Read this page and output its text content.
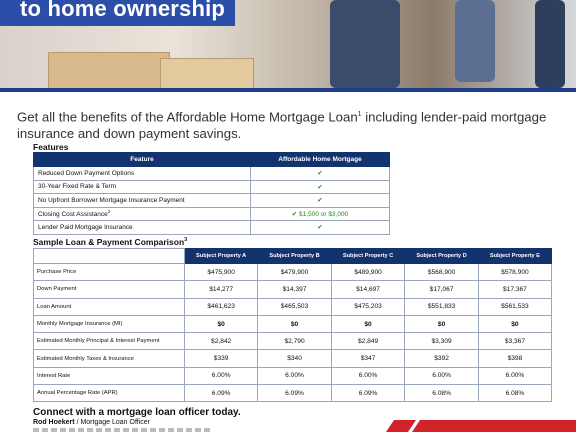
to home ownership
Get all the benefits of the Affordable Home Mortgage Loan$^1$ including lender-paid mortgage insurance and down payment savings.
Features
Feature	Affordable Home Mortgage
Reduced Down Payment Options	✔
30-Year Fixed Rate & Term	✔
No Upfront Borrower Mortgage Insurance Payment	✔
Closing Cost Assistance$^2$	✔ $1,500 or $3,000
Lender Paid Mortgage Insurance	✔
Sample Loan & Payment Comparison$^3$
	Subject Property A	Subject Property B	Subject Property C	Subject Property D	Subject Property E
Purchase Price	$475,900	$479,900	$489,900	$568,900	$578,900
Down Payment	$14,277	$14,397	$14,697	$17,067	$17,367
Loan Amount	$461,623	$465,503	$475,203	$551,833	$561,533
Monthly Mortgage Insurance (MI)	$0	$0	$0	$0	$0
Estimated Monthly Principal & Interest Payment	$2,842	$2,790	$2,849	$3,309	$3,367
Estimated Monthly Taxes & Insurance	$339	$340	$347	$392	$398
Interest Rate	6.00%	6.00%	6.00%	6.00%	6.00%
Annual Percentage Rate (APR)	6.09%	6.09%	6.09%	6.08%	6.08%
Connect with a mortgage loan officer today.
Rod Hoekert / Mortgage Loan Officer
